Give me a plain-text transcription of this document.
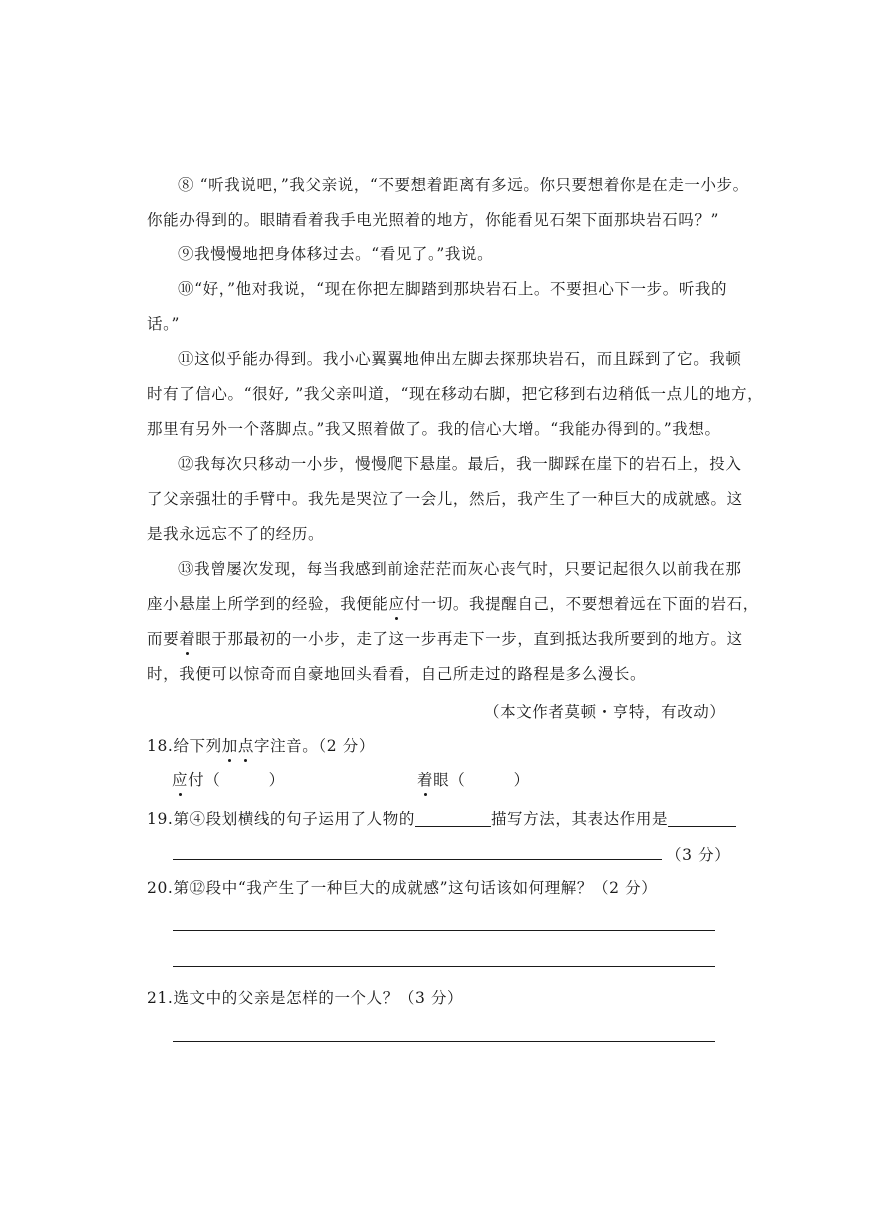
⑧ “听我说吧，”我父亲说，“不要想着距离有多远。你只要想着你是在走一小步。
你能办得到的。眼睛看着我手电光照着的地方，你能看见石架下面那块岩石吗？”
⑨我慢慢地把身体移过去。“看见了。”我说。
⑩“好，”他对我说，“现在你把左脚踏到那块岩石上。不要担心下一步。听我的
话。”
⑪这似乎能办得到。我小心翼翼地伸出左脚去探那块岩石，而且踩到了它。我顿
时有了信心。“很好, ”我父亲叫道，“现在移动右脚，把它移到右边稍低一点儿的地方，
那里有另外一个落脚点。”我又照着做了。我的信心大增。“我能办得到的。”我想。
⑫我每次只移动一小步，慢慢爬下悬崖。最后，我一脚踩在崖下的岩石上，投入
了父亲强壮的手臂中。我先是哭泣了一会儿，然后，我产生了一种巨大的成就感。这
是我永远忘不了的经历。
⑬我曾屡次发现，每当我感到前途茫茫而灰心丧气时，只要记起很久以前我在那
座小悬崖上所学到的经验，我便能应付一切。我提醒自己，不要想着远在下面的岩石，
而要着眼于那最初的一小步，走了这一步再走下一步，直到抵达我所要到的地方。这
时，我便可以惊奇而自豪地回头看看，自己所走过的路程是多么漫长。
（本文作者莫顿・亨特，有改动）
18.给下列加点字注音。（2 分）
应付（　　　）	着眼（　　　）
19.第④段划横线的句子运用了人物的	描写方法，其表达作用是
（3 分）
20.第⑫段中“我产生了一种巨大的成就感”这句话该如何理解？（2 分）
21.选文中的父亲是怎样的一个人？（3 分）
